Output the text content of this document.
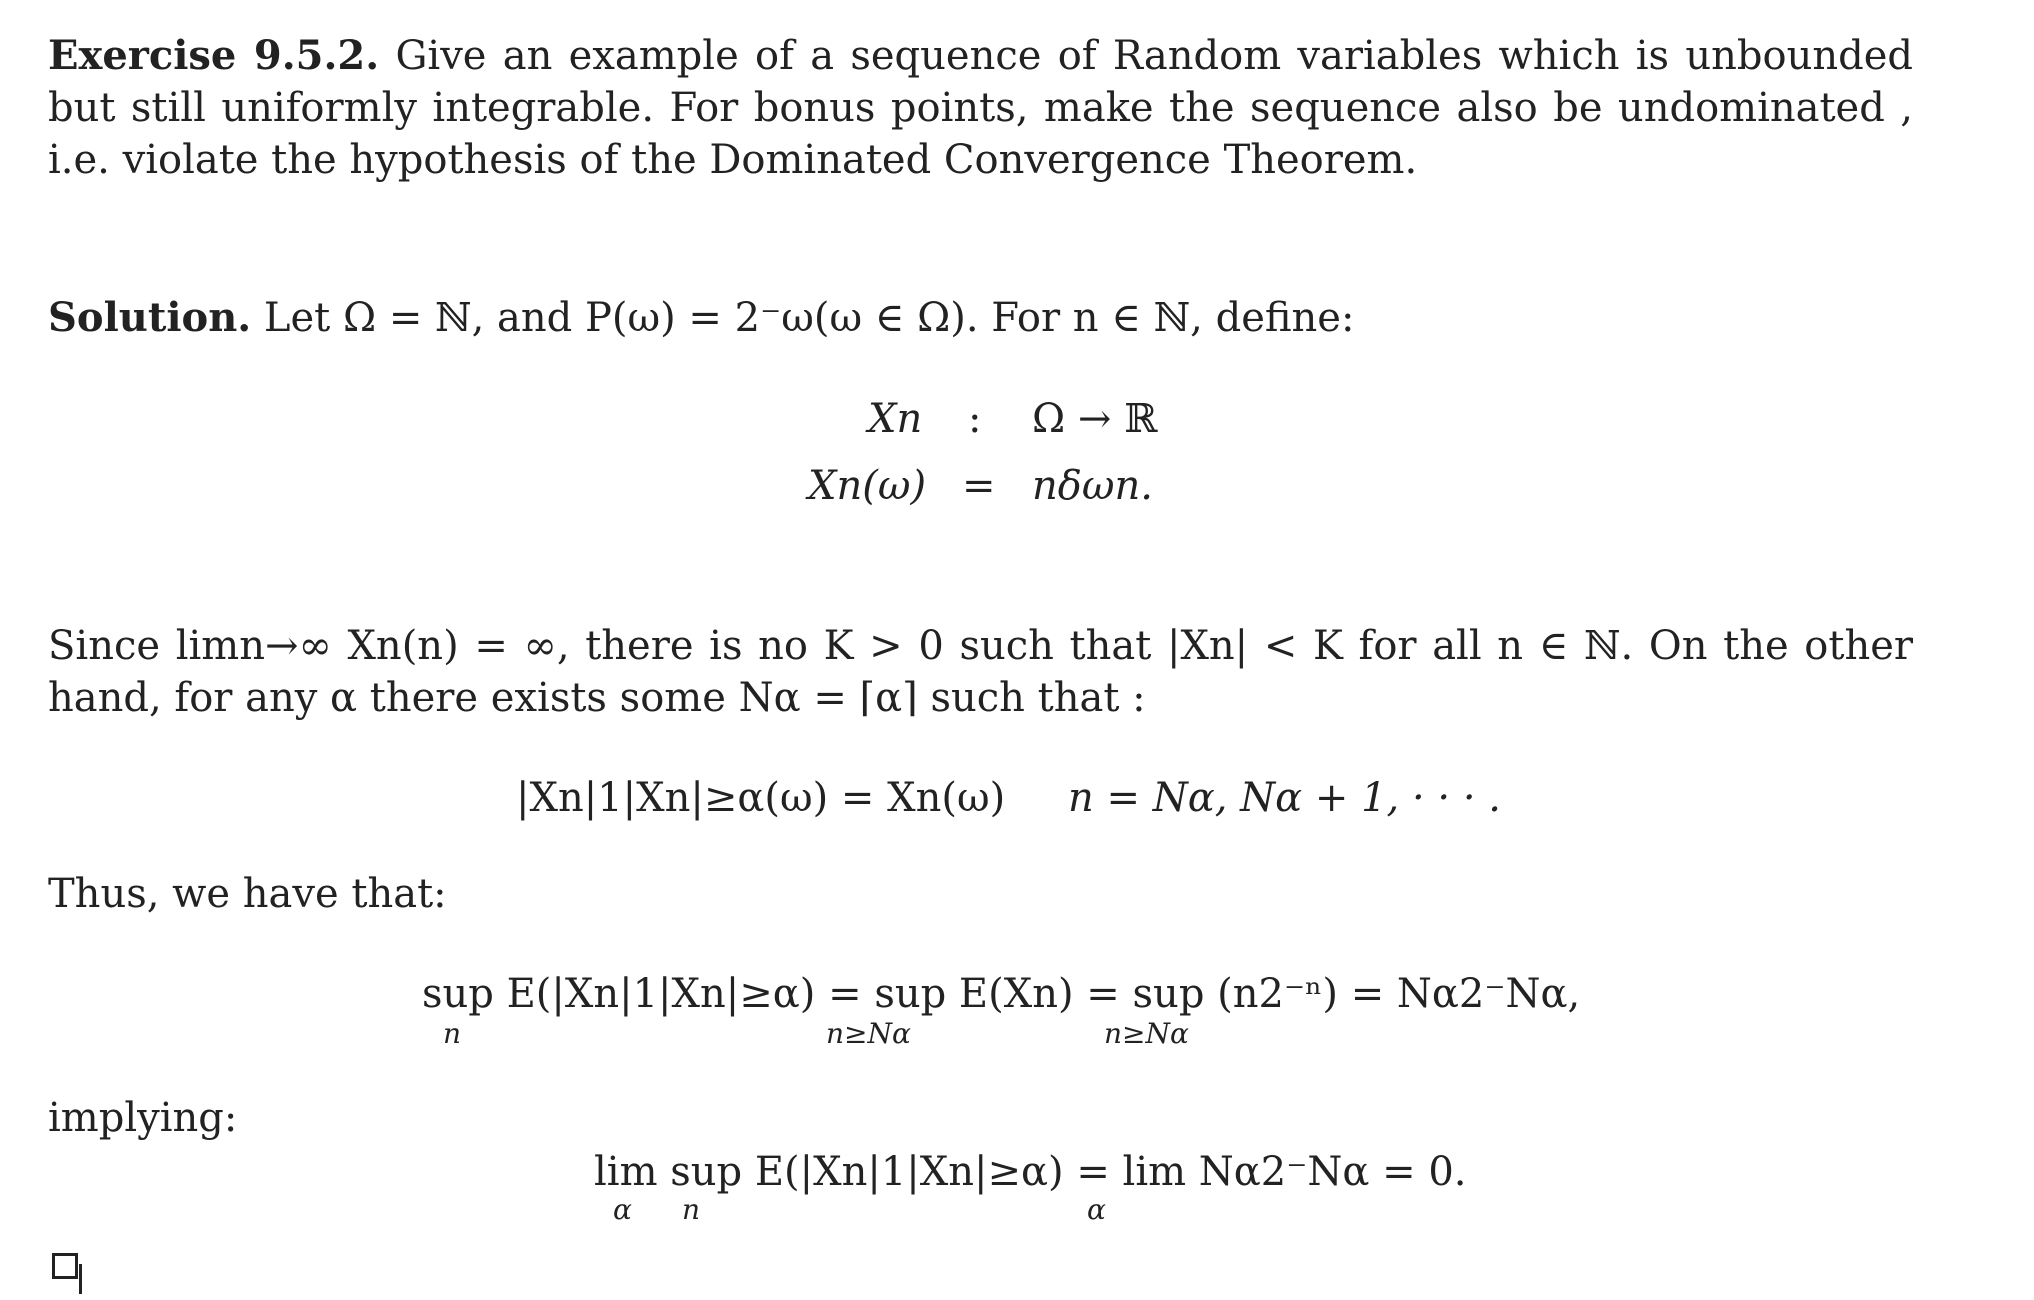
Exercise 9.5.2. Give an example of a sequence of Random variables which is unbounded but still uniformly integrable. For bonus points, make the sequence also be undominated , i.e. violate the hypothesis of the Dominated Convergence Theorem.
Solution. Let Ω = ℕ, and P(ω) = 2⁻ω(ω ∈ Ω). For n ∈ ℕ, define:
Xn : Ω → ℝ
Xn(ω) = nδωn.
Since limn→∞ Xn(n) = ∞, there is no K > 0 such that |Xn| < K for all n ∈ ℕ. On the other hand, for any α there exists some Nα = ⌈α⌉ such that :
|Xn|1|Xn|≥α(ω) = Xn(ω) n = Nα, Nα + 1, · · · .
Thus, we have that:
sup E(|Xn|1|Xn|≥α) = sup E(Xn) = sup (n2⁻ⁿ) = Nα2⁻Nα,
n	n≥Nα	n≥Nα
implying:
lim sup E(|Xn|1|Xn|≥α) = lim Nα2⁻Nα = 0.
α n	α
